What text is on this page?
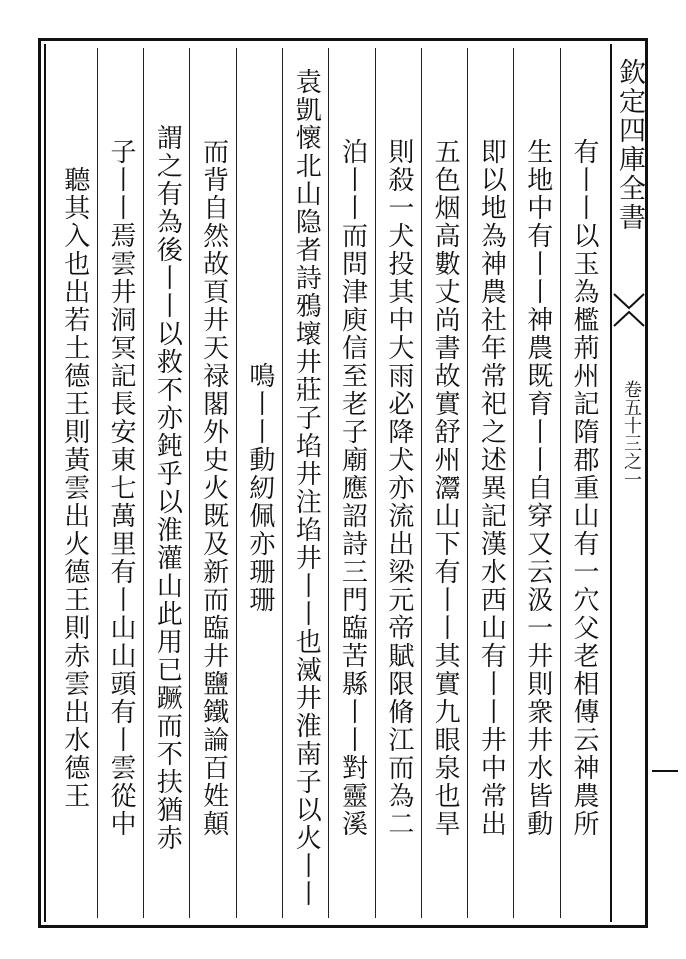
欽定四庫全書
卷五十三之一
有丨丨以玉為檻荊州記隋郡重山有一穴父老相傳云神農所
生地中有丨丨神農既育丨丨自穿又云汲一井則衆井水皆動
即以地為神農社年常祀之述異記漢水西山有丨丨井中常出
五色烟高數丈尚書故實舒州灊山下有丨丨其實九眼泉也旱
則殺一犬投其中大雨必降犬亦流出梁元帝賦限脩江而為二
泊丨丨而問津庾信至老子廟應詔詩三門臨苦縣丨丨對靈溪
袁凱懷北山隐者詩鴉壞井莊子埳井注埳井丨丨也㵄井淮南子以火丨丨
鳴丨丨動紉佩亦珊珊
而背自然故頁井天禄閣外史火既及新而臨井鹽鐵論百姓顛
謂之有為後丨丨以救不亦鈍乎以淮灌山此用已蹶而不扶猶赤
子丨丨焉雲井洞冥記長安東七萬里有丨山山頭有丨雲從中
聽其入也出若土德王則黃雲出火德王則赤雲出水德王
